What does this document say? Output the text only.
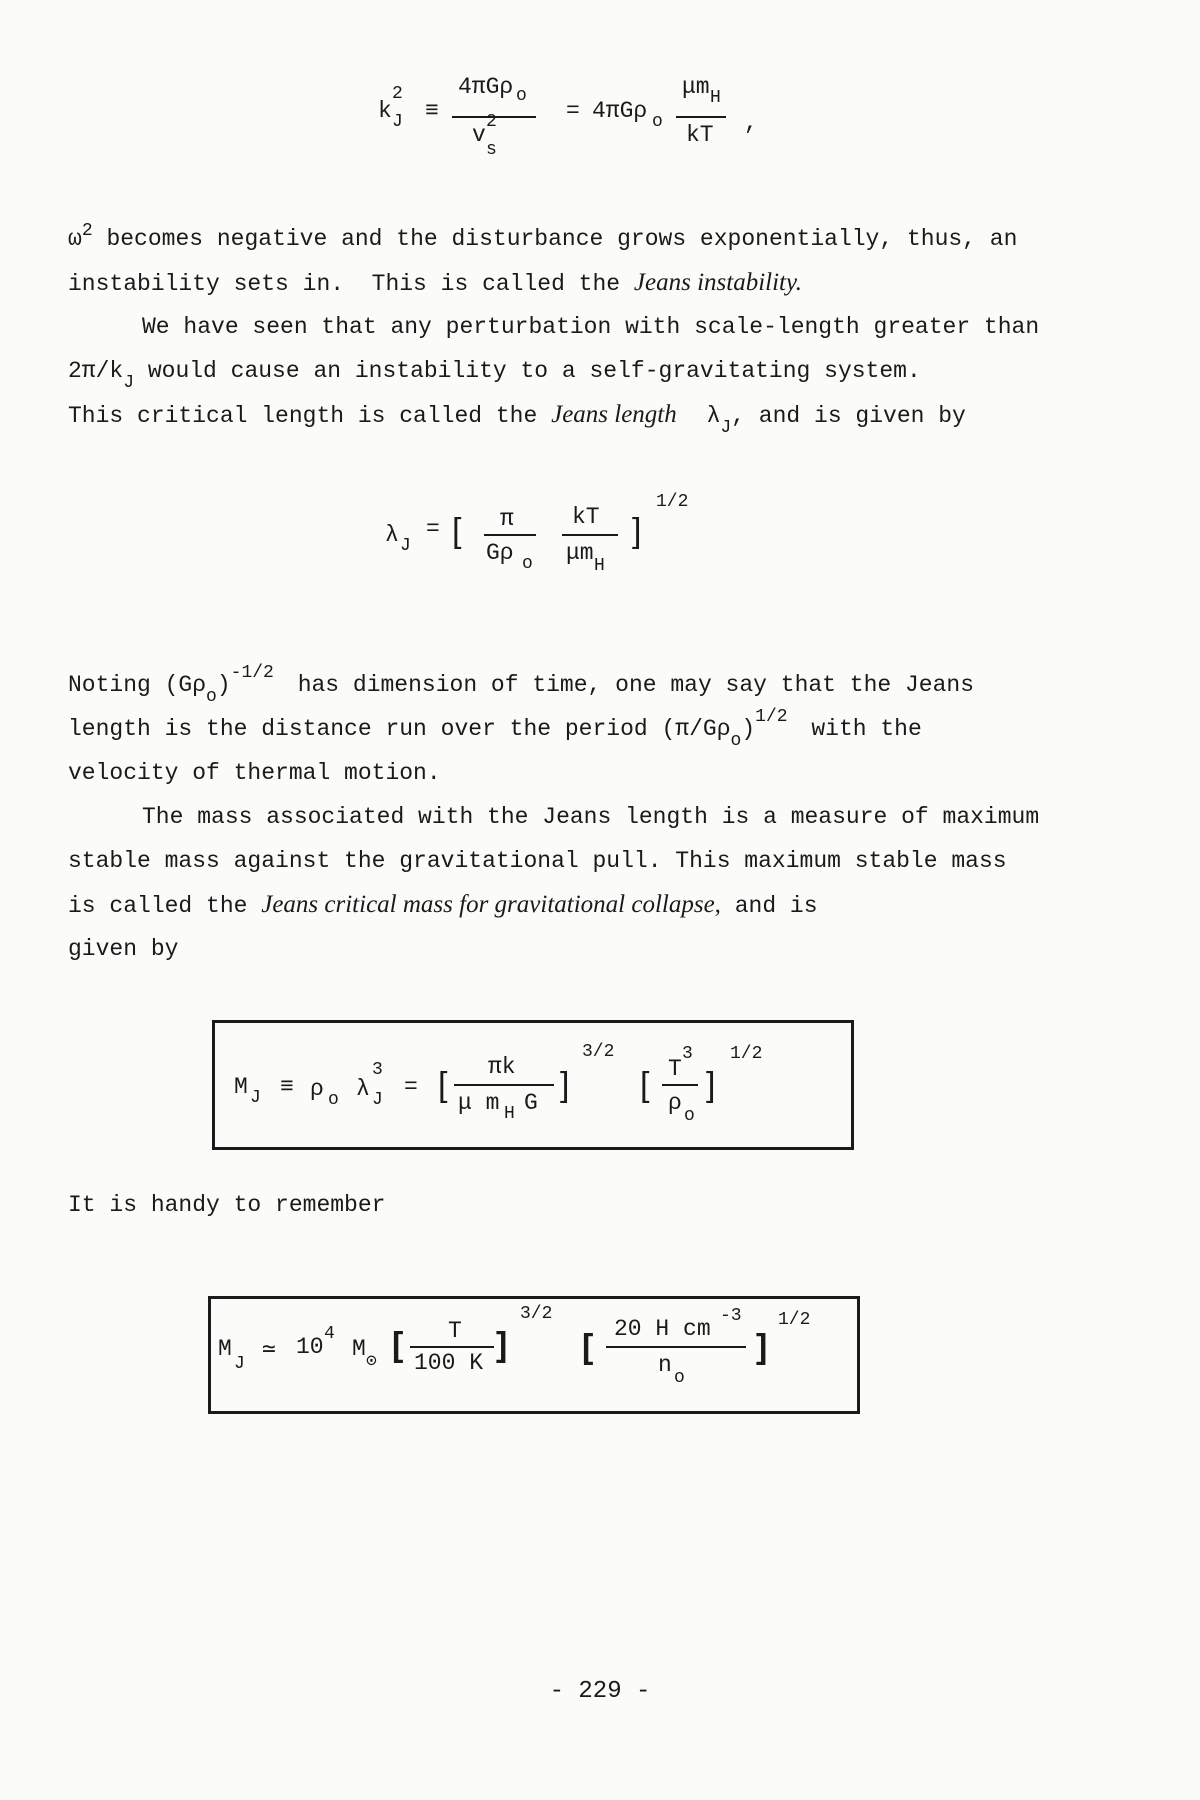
k
2
J ≡
4πGρ o
v 2
s
= 4πGρ o
μm H
kT ,
$\omega^2$ becomes negative and the disturbance grows exponentially, thus, an
instability sets in.  This is called the Jeans instability.
We have seen that any perturbation with scale-length greater than
$2\pi/k_J$ would cause an instability to a self-gravitating system.
This critical length is called the Jeans length $\lambda_J$, and is given by
λ J
= [ π
Gρ o
kT
μm H
]
1/2
Noting $(G\rho_o)^{-1/2}$ has dimension of time, one may say that the Jeans
length is the distance run over the period $(\pi/G\rho_o)^{1/2}$ with the
velocity of thermal motion.
The mass associated with the Jeans length is a measure of maximum
stable mass against the gravitational pull. This maximum stable mass
is called the Jeans critical mass for gravitational collapse, and is
given by
M J ≡ ρ o λ
3
J = [ πk
μ m H G ]
3/2
[ T
3
ρ o
]
1/2
It is handy to remember
M
J
≃ 10 4
M ⊙ [ T
100 K ]
3/2
[ 20 H cm -3
n o
]
1/2
- 229 -
